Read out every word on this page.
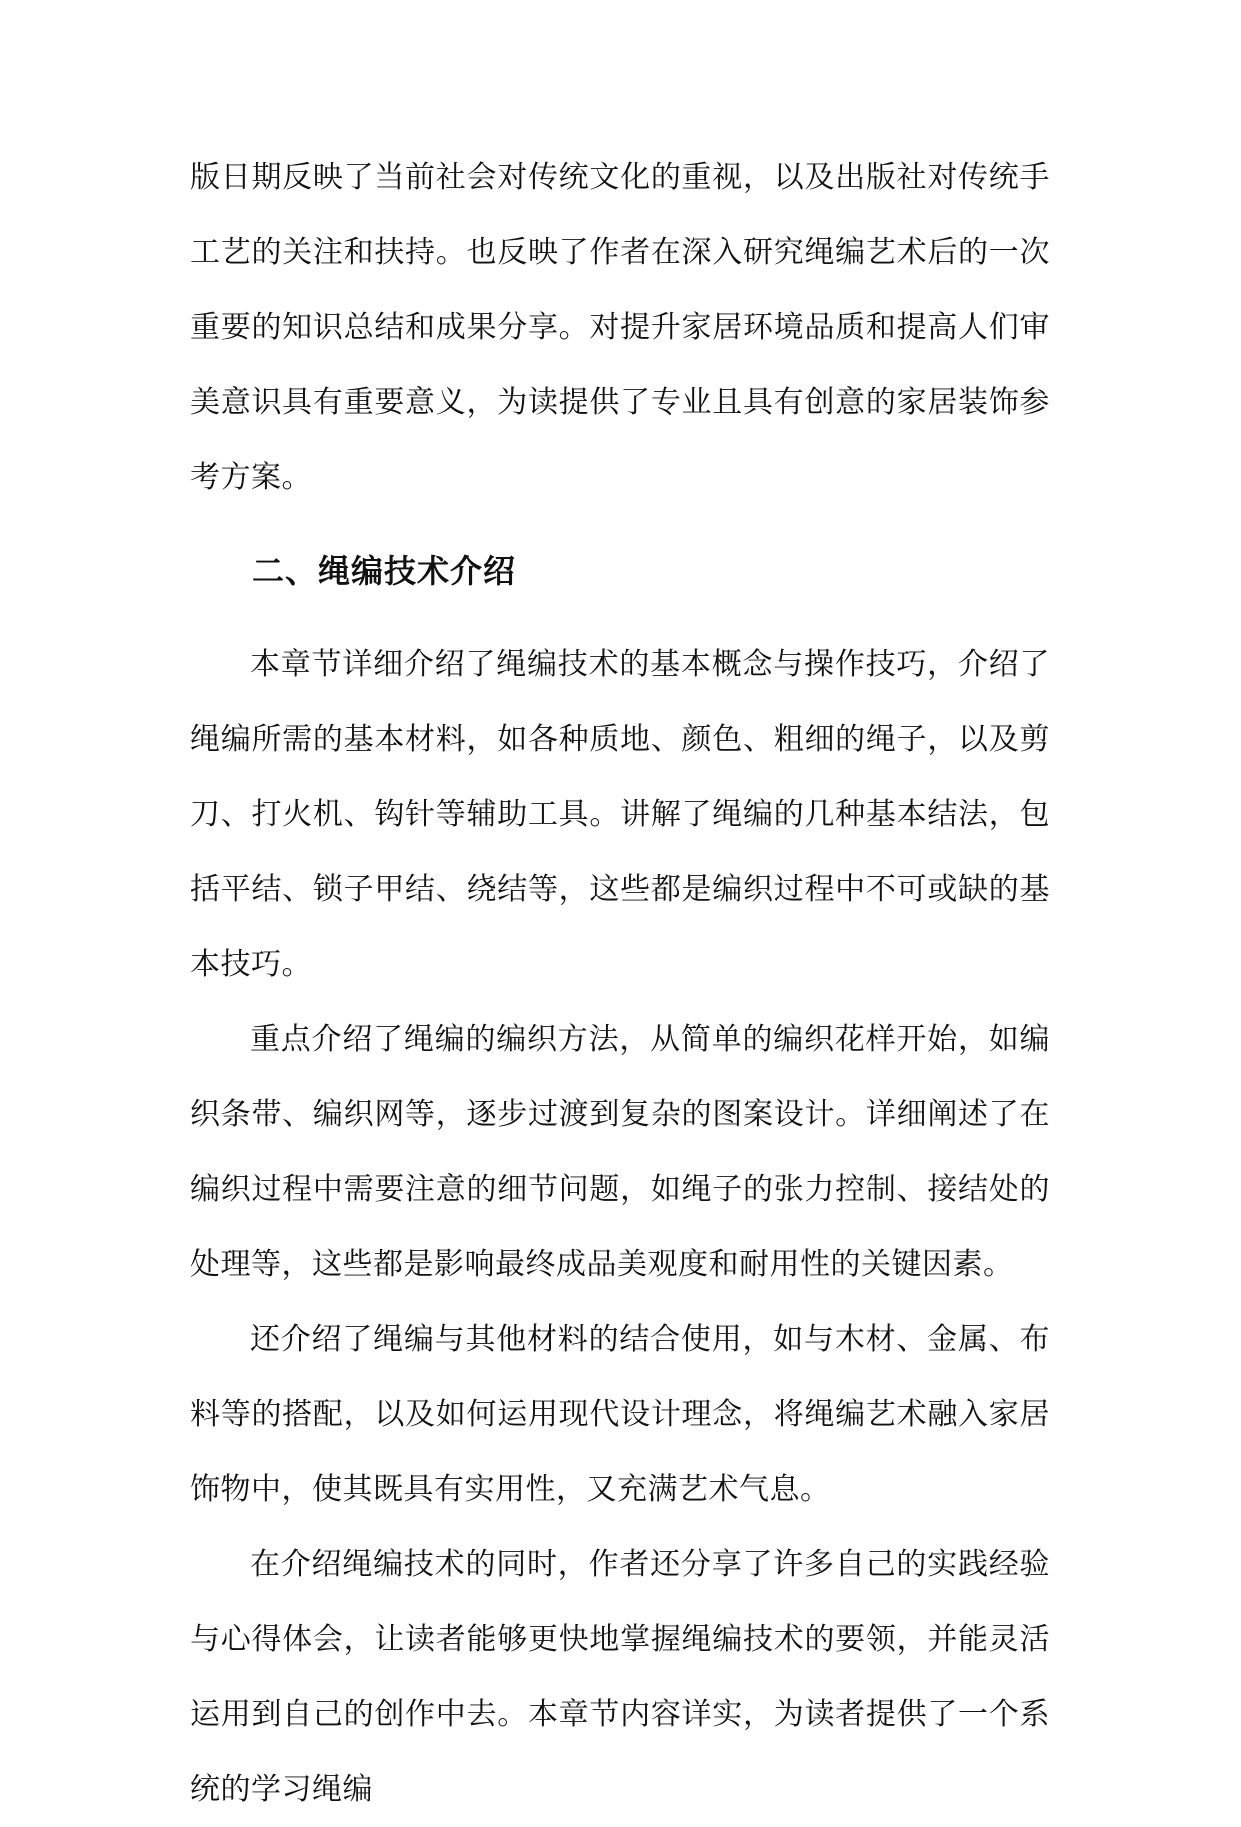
版日期反映了当前社会对传统文化的重视，以及出版社对传统手工艺的关注和扶持。也反映了作者在深入研究绳编艺术后的一次重要的知识总结和成果分享。对提升家居环境品质和提高人们审美意识具有重要意义，为读提供了专业且具有创意的家居装饰参考方案。

二、绳编技术介绍

本章节详细介绍了绳编技术的基本概念与操作技巧，介绍了绳编所需的基本材料，如各种质地、颜色、粗细的绳子，以及剪刀、打火机、钩针等辅助工具。讲解了绳编的几种基本结法，包括平结、锁子甲结、绕结等，这些都是编织过程中不可或缺的基本技巧。

重点介绍了绳编的编织方法，从简单的编织花样开始，如编织条带、编织网等，逐步过渡到复杂的图案设计。详细阐述了在编织过程中需要注意的细节问题，如绳子的张力控制、接结处的处理等，这些都是影响最终成品美观度和耐用性的关键因素。

还介绍了绳编与其他材料的结合使用，如与木材、金属、布料等的搭配，以及如何运用现代设计理念，将绳编艺术融入家居饰物中，使其既具有实用性，又充满艺术气息。

在介绍绳编技术的同时，作者还分享了许多自己的实践经验与心得体会，让读者能够更快地掌握绳编技术的要领，并能灵活运用到自己的创作中去。本章节内容详实，为读者提供了一个系统的学习绳编
